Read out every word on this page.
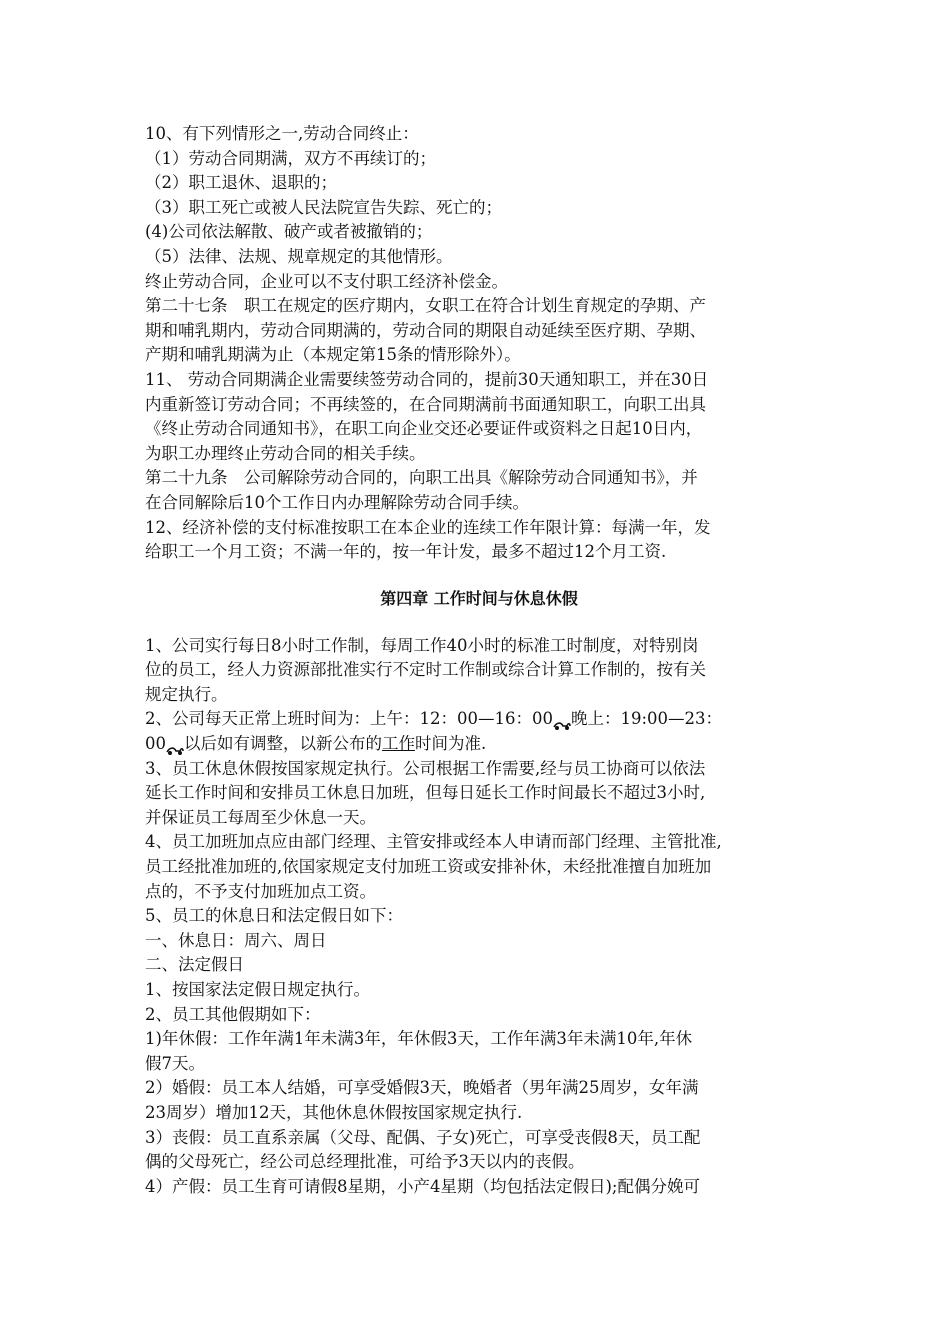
10、有下列情形之一,劳动合同终止：
（1）劳动合同期满，双方不再续订的；
（2）职工退休、退职的；
（3）职工死亡或被人民法院宣告失踪、死亡的；
(4)公司依法解散、破产或者被撤销的；
（5）法律、法规、规章规定的其他情形。
终止劳动合同，企业可以不支付职工经济补偿金。
第二十七条　职工在规定的医疗期内，女职工在符合计划生育规定的孕期、产
期和哺乳期内，劳动合同期满的，劳动合同的期限自动延续至医疗期、孕期、
产期和哺乳期满为止（本规定第15条的情形除外）。
11、 劳动合同期满企业需要续签劳动合同的，提前30天通知职工，并在30日
内重新签订劳动合同；不再续签的，在合同期满前书面通知职工，向职工出具
《终止劳动合同通知书》，在职工向企业交还必要证件或资料之日起10日内，
为职工办理终止劳动合同的相关手续。
第二十九条　公司解除劳动合同的，向职工出具《解除劳动合同通知书》，并
在合同解除后10个工作日内办理解除劳动合同手续。
12、经济补偿的支付标准按职工在本企业的连续工作年限计算：每满一年，发
给职工一个月工资；不满一年的，按一年计发，最多不超过12个月工资.
第四章 工作时间与休息休假
1、公司实行每日8小时工作制，每周工作40小时的标准工时制度，对特别岗
位的员工，经人力资源部批准实行不定时工作制或综合计算工作制的，按有关
规定执行。
2、公司每天正常上班时间为：上午：12：00—16：00 晚上：19:00—23：
00 以后如有调整，以新公布的工作时间为准.
3、员工休息休假按国家规定执行。公司根据工作需要,经与员工协商可以依法
延长工作时间和安排员工休息日加班，但每日延长工作时间最长不超过3小时,
并保证员工每周至少休息一天。
4、员工加班加点应由部门经理、主管安排或经本人申请而部门经理、主管批准,
员工经批准加班的,依国家规定支付加班工资或安排补休，未经批准擅自加班加
点的，不予支付加班加点工资。
5、员工的休息日和法定假日如下：
一、休息日：周六、周日
二、法定假日
1、按国家法定假日规定执行。
2、员工其他假期如下：
1)年休假：工作年满1年未满3年，年休假3天，工作年满3年未满10年,年休
假7天。
2）婚假：员工本人结婚，可享受婚假3天，晚婚者（男年满25周岁，女年满
23周岁）增加12天，其他休息休假按国家规定执行.
3）丧假：员工直系亲属（父母、配偶、子女)死亡，可享受丧假8天，员工配
偶的父母死亡，经公司总经理批准，可给予3天以内的丧假。
4）产假：员工生育可请假8星期，小产4星期（均包括法定假日);配偶分娩可
